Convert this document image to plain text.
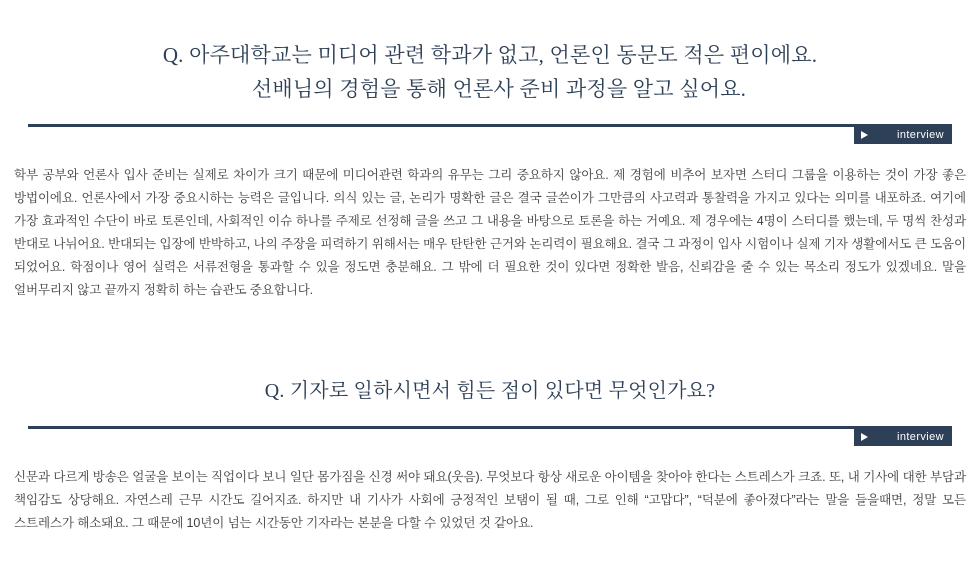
Q. 아주대학교는 미디어 관련 학과가 없고, 언론인 동문도 적은 편이에요.
선배님의 경험을 통해 언론사 준비 과정을 알고 싶어요.
interview

학부 공부와 언론사 입사 준비는 실제로 차이가 크기 때문에 미디어관련 학과의 유무는 그리 중요하지 않아요. 제 경험에 비추어 보자면 스터디 그룹을 이용하는 것이 가장 좋은 방법이에요. 언론사에서 가장 중요시하는 능력은 글입니다. 의식 있는 글, 논리가 명확한 글은 결국 글쓴이가 그만큼의 사고력과 통찰력을 가지고 있다는 의미를 내포하죠. 여기에 가장 효과적인 수단이 바로 토론인데, 사회적인 이슈 하나를 주제로 선정해 글을 쓰고 그 내용을 바탕으로 토론을 하는 거예요. 제 경우에는 4명이 스터디를 했는데, 두 명씩 찬성과 반대로 나뉘어요. 반대되는 입장에 반박하고, 나의 주장을 피력하기 위해서는 매우 탄탄한 근거와 논리력이 필요해요. 결국 그 과정이 입사 시험이나 실제 기자 생활에서도 큰 도움이 되었어요. 학점이나 영어 실력은 서류전형을 통과할 수 있을 정도면 충분해요. 그 밖에 더 필요한 것이 있다면 정확한 발음, 신뢰감을 줄 수 있는 목소리 정도가 있겠네요. 말을 얼버무리지 않고 끝까지 정확히 하는 습관도 중요합니다.

Q. 기자로 일하시면서 힘든 점이 있다면 무엇인가요?
interview

신문과 다르게 방송은 얼굴을 보이는 직업이다 보니 일단 몸가짐을 신경 써야 돼요(웃음). 무엇보다 항상 새로운 아이템을 찾아야 한다는 스트레스가 크죠. 또, 내 기사에 대한 부담과 책임감도 상당해요. 자연스레 근무 시간도 길어지죠. 하지만 내 기사가 사회에 긍정적인 보탬이 될 때, 그로 인해 “고맙다”, “덕분에 좋아졌다”라는 말을 들을때면, 정말 모든 스트레스가 해소돼요. 그 때문에 10년이 넘는 시간동안 기자라는 본분을 다할 수 있었던 것 같아요.
